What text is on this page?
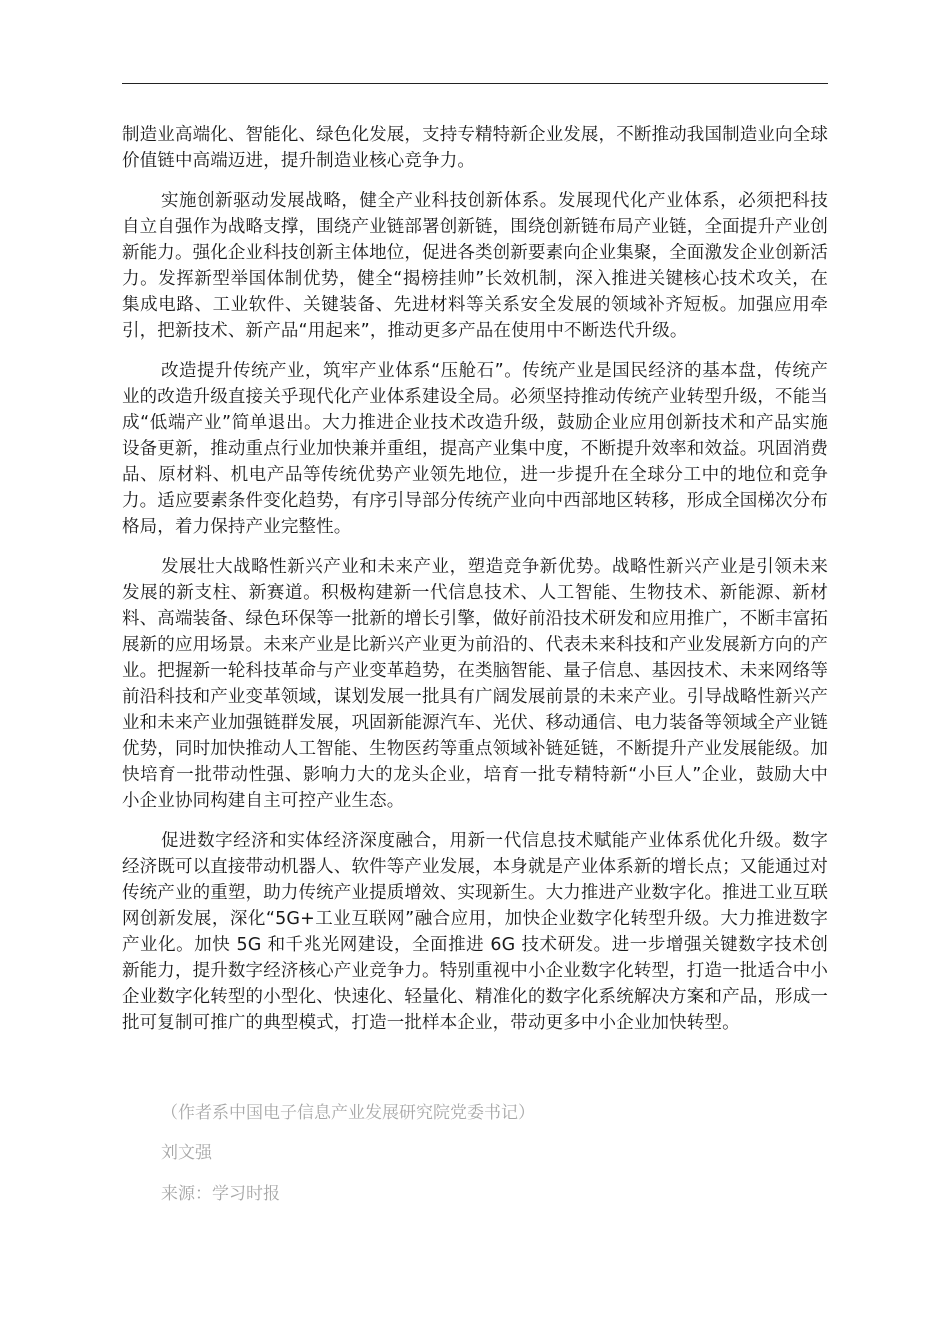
制造业高端化、智能化、绿色化发展，支持专精特新企业发展，不断推动我国制造业向全球价值链中高端迈进，提升制造业核心竞争力。

实施创新驱动发展战略，健全产业科技创新体系。发展现代化产业体系，必须把科技自立自强作为战略支撑，围绕产业链部署创新链，围绕创新链布局产业链，全面提升产业创新能力。强化企业科技创新主体地位，促进各类创新要素向企业集聚，全面激发企业创新活力。发挥新型举国体制优势，健全“揭榜挂帅”长效机制，深入推进关键核心技术攻关，在集成电路、工业软件、关键装备、先进材料等关系安全发展的领域补齐短板。加强应用牵引，把新技术、新产品“用起来”，推动更多产品在使用中不断迭代升级。

改造提升传统产业，筑牢产业体系“压舱石”。传统产业是国民经济的基本盘，传统产业的改造升级直接关乎现代化产业体系建设全局。必须坚持推动传统产业转型升级，不能当成“低端产业”简单退出。大力推进企业技术改造升级，鼓励企业应用创新技术和产品实施设备更新，推动重点行业加快兼并重组，提高产业集中度，不断提升效率和效益。巩固消费品、原材料、机电产品等传统优势产业领先地位，进一步提升在全球分工中的地位和竞争力。适应要素条件变化趋势，有序引导部分传统产业向中西部地区转移，形成全国梯次分布格局，着力保持产业完整性。

发展壮大战略性新兴产业和未来产业，塑造竞争新优势。战略性新兴产业是引领未来发展的新支柱、新赛道。积极构建新一代信息技术、人工智能、生物技术、新能源、新材料、高端装备、绿色环保等一批新的增长引擎，做好前沿技术研发和应用推广，不断丰富拓展新的应用场景。未来产业是比新兴产业更为前沿的、代表未来科技和产业发展新方向的产业。把握新一轮科技革命与产业变革趋势，在类脑智能、量子信息、基因技术、未来网络等前沿科技和产业变革领域，谋划发展一批具有广阔发展前景的未来产业。引导战略性新兴产业和未来产业加强链群发展，巩固新能源汽车、光伏、移动通信、电力装备等领域全产业链优势，同时加快推动人工智能、生物医药等重点领域补链延链，不断提升产业发展能级。加快培育一批带动性强、影响力大的龙头企业，培育一批专精特新“小巨人”企业，鼓励大中小企业协同构建自主可控产业生态。

促进数字经济和实体经济深度融合，用新一代信息技术赋能产业体系优化升级。数字经济既可以直接带动机器人、软件等产业发展，本身就是产业体系新的增长点；又能通过对传统产业的重塑，助力传统产业提质增效、实现新生。大力推进产业数字化。推进工业互联网创新发展，深化“5G+工业互联网”融合应用，加快企业数字化转型升级。大力推进数字产业化。加快 5G 和千兆光网建设，全面推进 6G 技术研发。进一步增强关键数字技术创新能力，提升数字经济核心产业竞争力。特别重视中小企业数字化转型，打造一批适合中小企业数字化转型的小型化、快速化、轻量化、精准化的数字化系统解决方案和产品，形成一批可复制可推广的典型模式，打造一批样本企业，带动更多中小企业加快转型。

（作者系中国电子信息产业发展研究院党委书记）
刘文强
来源：学习时报
